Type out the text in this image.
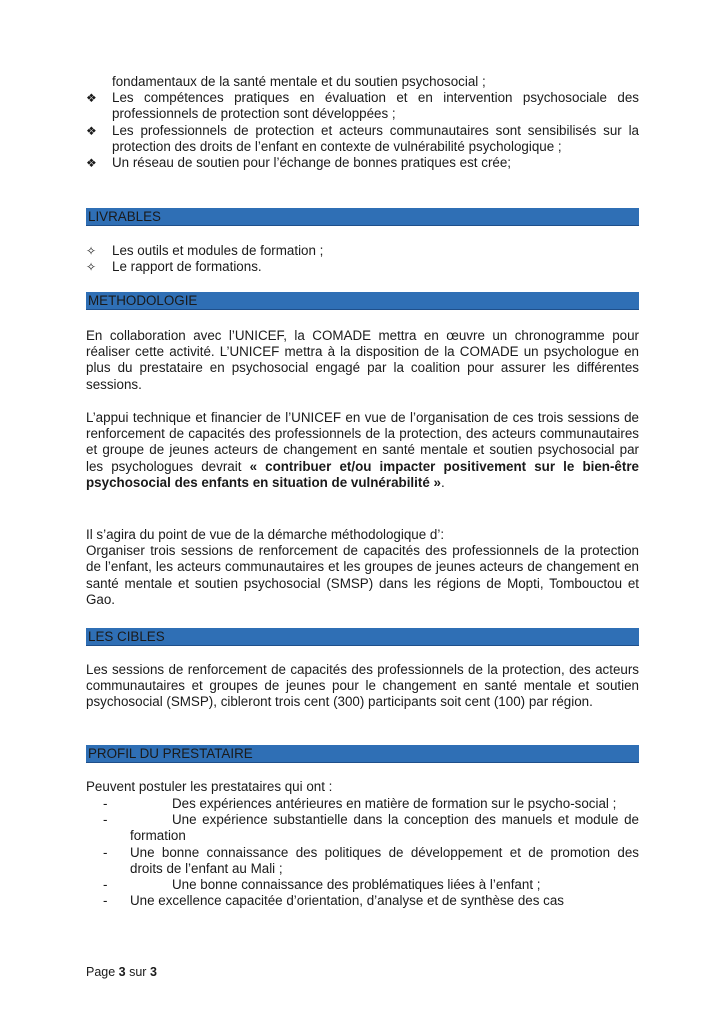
fondamentaux de la santé mentale et du soutien psychosocial ;
❖ Les compétences pratiques en évaluation et en intervention psychosociale des professionnels de protection sont développées ;
❖ Les professionnels de protection et acteurs communautaires sont sensibilisés sur la protection des droits de l’enfant en contexte de vulnérabilité psychologique ;
❖ Un réseau de soutien pour l’échange de bonnes pratiques est crée;
LIVRABLES
✧ Les outils et modules de formation ;
✧ Le rapport de formations.
METHODOLOGIE

En collaboration avec l’UNICEF, la COMADE mettra en œuvre un chronogramme pour réaliser cette activité. L’UNICEF mettra à la disposition de la COMADE un psychologue en plus du prestataire en psychosocial engagé par la coalition pour assurer les différentes sessions.

L’appui technique et financier de l’UNICEF en vue de l’organisation de ces trois sessions de renforcement de capacités des professionnels de la protection, des acteurs communautaires et groupe de jeunes acteurs de changement en santé mentale et soutien psychosocial par les psychologues devrait « contribuer et/ou impacter positivement sur le bien-être psychosocial des enfants en situation de vulnérabilité ».

Il s’agira du point de vue de la démarche méthodologique d’:
Organiser trois sessions de renforcement de capacités des professionnels de la protection de l’enfant, les acteurs communautaires et les groupes de jeunes acteurs de changement en santé mentale et soutien psychosocial (SMSP) dans les régions de Mopti, Tombouctou et Gao.
LES CIBLES

Les sessions de renforcement de capacités des professionnels de la protection, des acteurs communautaires et groupes de jeunes pour le changement en santé mentale et soutien psychosocial (SMSP), cibleront trois cent (300) participants soit cent (100) par région.

PROFIL DU PRESTATAIRE
Peuvent postuler les prestataires qui ont :
-	Des expériences antérieures en matière de formation sur le psycho-social ;
-	Une expérience substantielle dans la conception des manuels et module de formation
- Une bonne connaissance des politiques de développement et de promotion des droits de l’enfant au Mali ;
-	Une bonne connaissance des problématiques liées à l’enfant ;
- Une excellence capacitée d’orientation, d’analyse et de synthèse des cas
Page 3 sur 3
